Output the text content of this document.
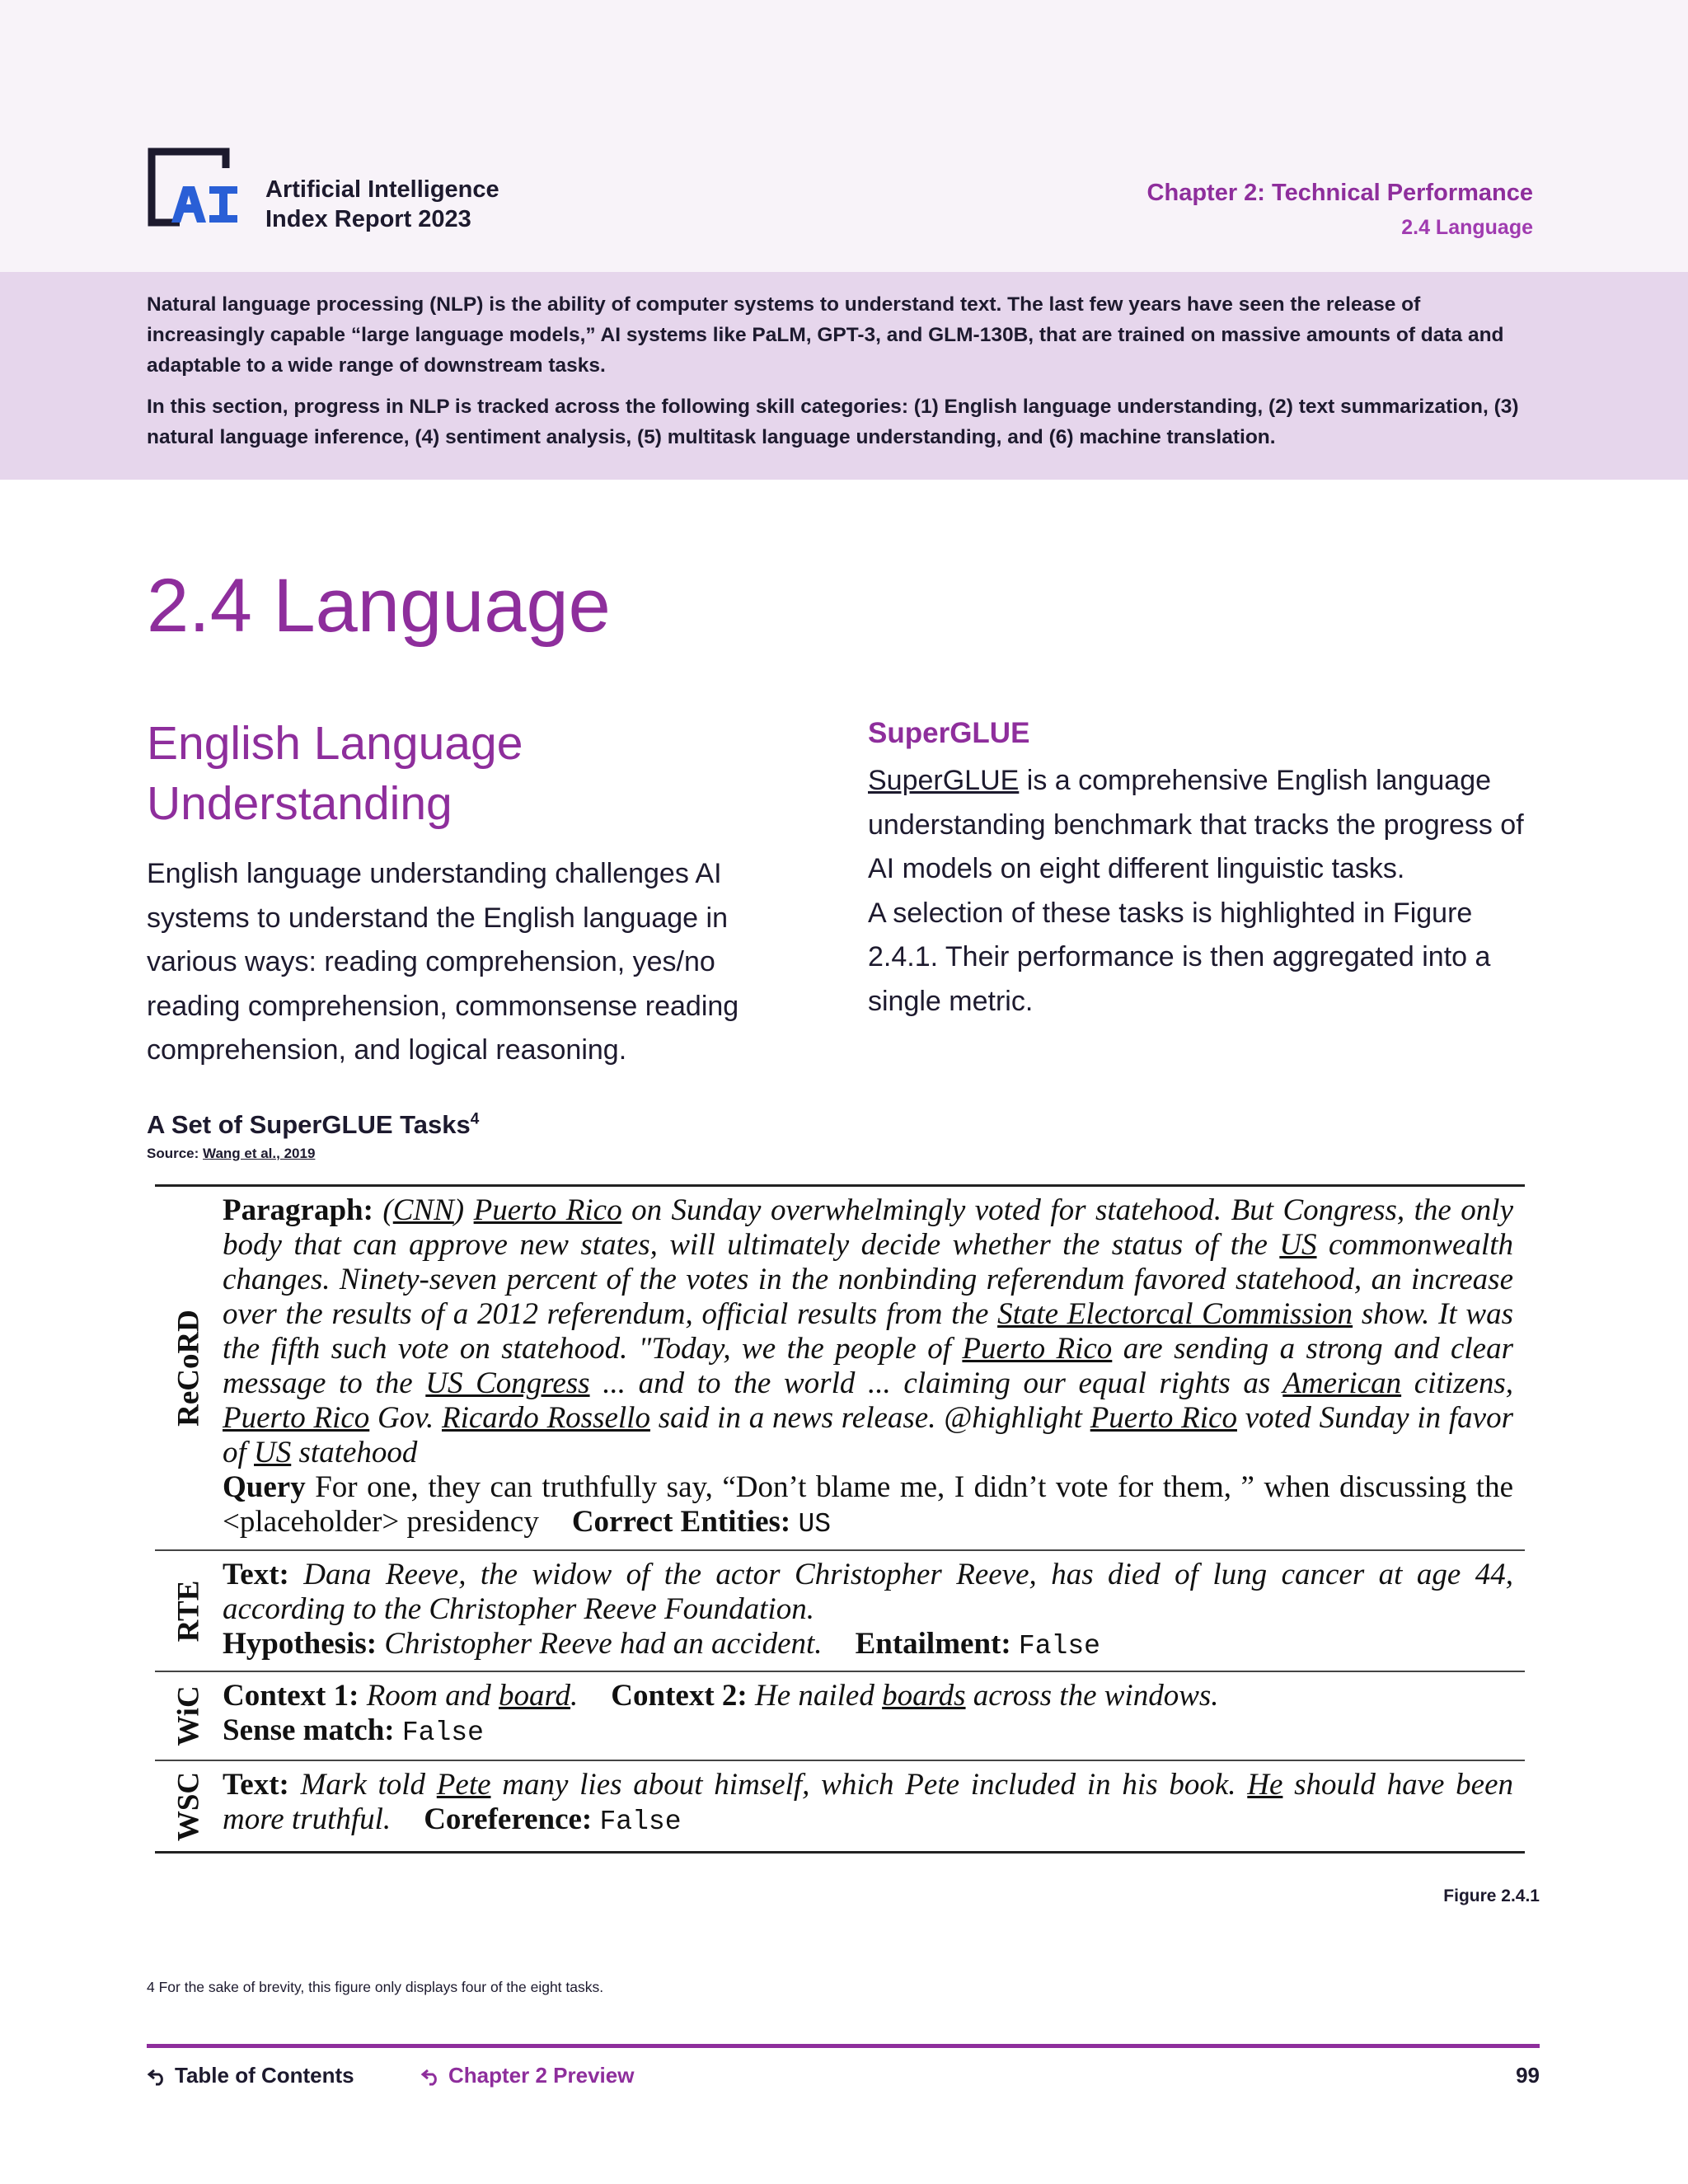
Artificial Intelligence
Index Report 2023
Chapter 2: Technical Performance
2.4 Language

Natural language processing (NLP) is the ability of computer systems to understand text. The last few years have seen the release of increasingly capable “large language models,” AI systems like PaLM, GPT-3, and GLM-130B, that are trained on massive amounts of data and adaptable to a wide range of downstream tasks.

In this section, progress in NLP is tracked across the following skill categories: (1) English language understanding, (2) text summarization, (3) natural language inference, (4) sentiment analysis, (5) multitask language understanding, and (6) machine translation.

2.4 Language
English Language Understanding

English language understanding challenges AI systems to understand the English language in various ways: reading comprehension, yes/no reading comprehension, commonsense reading comprehension, and logical reasoning.

SuperGLUE

SuperGLUE is a comprehensive English language understanding benchmark that tracks the progress of AI models on eight different linguistic tasks.
A selection of these tasks is highlighted in Figure 2.4.1. Their performance is then aggregated into a single metric.

A Set of SuperGLUE Tasks$^4$
Source: Wang et al., 2019
ReCoRD
Paragraph: (CNN) Puerto Rico on Sunday overwhelmingly voted for statehood. But Congress, the only body that can approve new states, will ultimately decide whether the status of the US commonwealth changes. Ninety-seven percent of the votes in the nonbinding referendum favored statehood, an increase over the results of a 2012 referendum, official results from the State Electorcal Commission show. It was the fifth such vote on statehood. "Today, we the people of Puerto Rico are sending a strong and clear message to the US Congress ... and to the world ... claiming our equal rights as American citizens, Puerto Rico Gov. Ricardo Rossello said in a news release. @highlight Puerto Rico voted Sunday in favor of US statehood
Query For one, they can truthfully say, “Don’t blame me, I didn’t vote for them, ” when discussing the <placeholder> presidency Correct Entities: US
RTE
Text: Dana Reeve, the widow of the actor Christopher Reeve, has died of lung cancer at age 44, according to the Christopher Reeve Foundation.
Hypothesis: Christopher Reeve had an accident. Entailment: False
WiC Context 1: Room and board. Context 2: He nailed boards across the windows.
Sense match: False
WSC Text: Mark told Pete many lies about himself, which Pete included in his book. He should have been more truthful. Coreference: False
Figure 2.4.1
4 For the sake of brevity, this figure only displays four of the eight tasks.
Table of Contents	Chapter 2 Preview	99
